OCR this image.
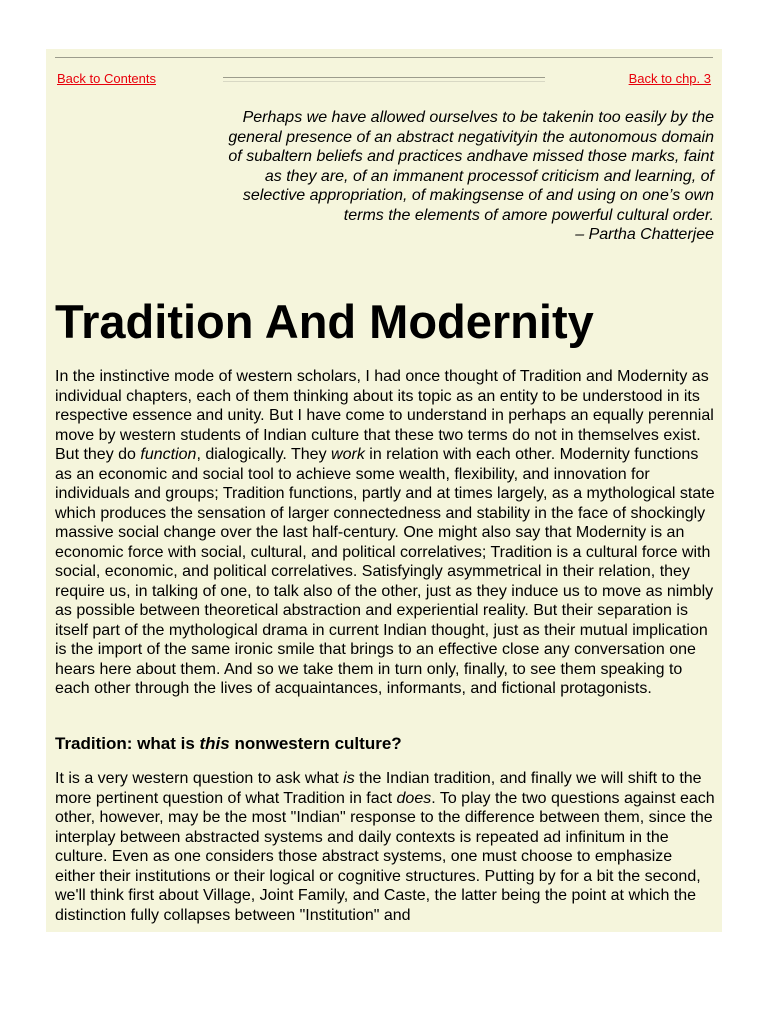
Back to Contents	Back to chp. 3
Perhaps we have allowed ourselves to be takenin too easily by the general presence of an abstract negativityin the autonomous domain of subaltern beliefs and practices andhave missed those marks, faint as they are, of an immanent processof criticism and learning, of selective appropriation, of makingsense of and using on one’s own terms the elements of amore powerful cultural order.
– Partha Chatterjee
Tradition And Modernity

In the instinctive mode of western scholars, I had once thought of Tradition and Modernity as individual chapters, each of them thinking about its topic as an entity to be understood in its respective essence and unity. But I have come to understand in perhaps an equally perennial move by western students of Indian culture that these two terms do not in themselves exist. But they do function, dialogically. They work in relation with each other. Modernity functions as an economic and social tool to achieve some wealth, flexibility, and innovation for individuals and groups; Tradition functions, partly and at times largely, as a mythological state which produces the sensation of larger connectedness and stability in the face of shockingly massive social change over the last half-century. One might also say that Modernity is an economic force with social, cultural, and political correlatives; Tradition is a cultural force with social, economic, and political correlatives. Satisfyingly asymmetrical in their relation, they require us, in talking of one, to talk also of the other, just as they induce us to move as nimbly as possible between theoretical abstraction and experiential reality. But their separation is itself part of the mythological drama in current Indian thought, just as their mutual implication is the import of the same ironic smile that brings to an effective close any conversation one hears here about them. And so we take them in turn only, finally, to see them speaking to each other through the lives of acquaintances, informants, and fictional protagonists.

Tradition: what is this nonwestern culture?

It is a very western question to ask what is the Indian tradition, and finally we will shift to the more pertinent question of what Tradition in fact does. To play the two questions against each other, however, may be the most "Indian" response to the difference between them, since the interplay between abstracted systems and daily contexts is repeated ad infinitum in the culture. Even as one considers those abstract systems, one must choose to emphasize either their institutions or their logical or cognitive structures. Putting by for a bit the second, we'll think first about Village, Joint Family, and Caste, the latter being the point at which the distinction fully collapses between "Institution" and
